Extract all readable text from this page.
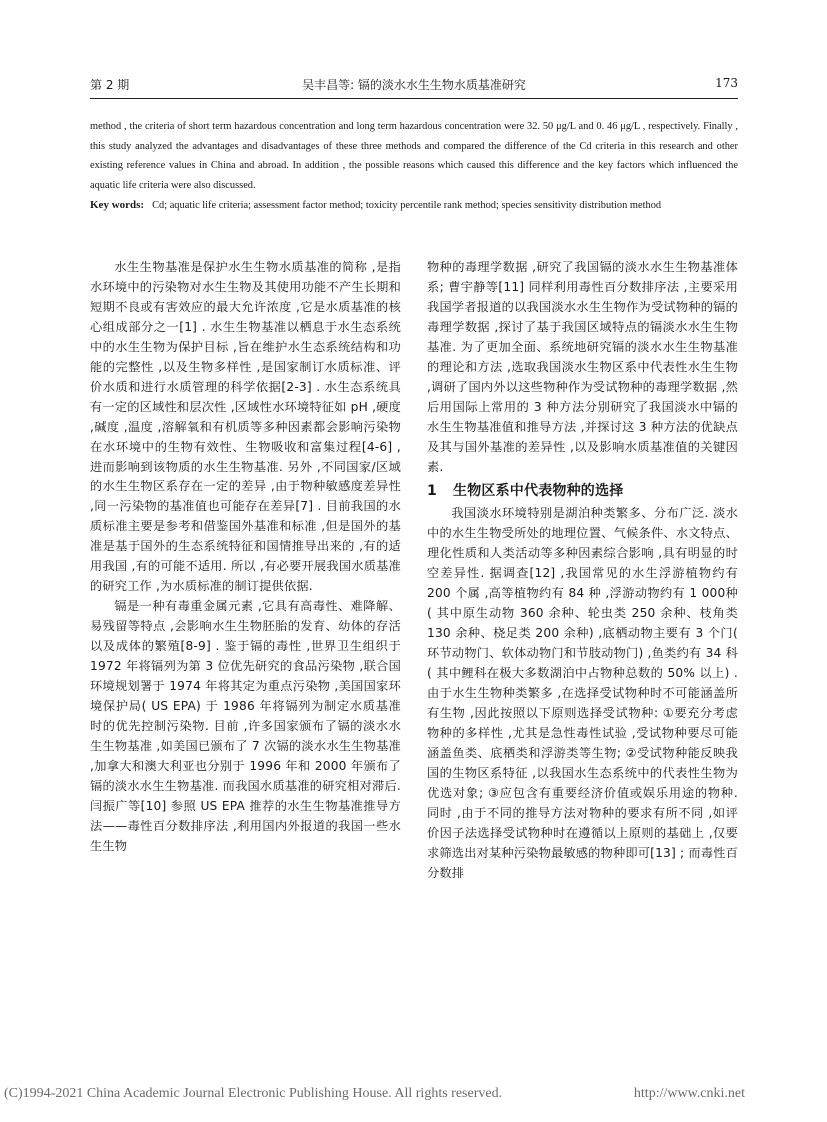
第 2 期	吴丰昌等: 镉的淡水水生生物水质基准研究	173
method , the criteria of short term hazardous concentration and long term hazardous concentration were 32. 50 μg/L and 0. 46 μg/L , respectively. Finally , this study analyzed the advantages and disadvantages of these three methods and compared the difference of the Cd criteria in this research and other existing reference values in China and abroad. In addition , the possible reasons which caused this difference and the key factors which influenced the aquatic life criteria were also discussed.
Key words: Cd; aquatic life criteria; assessment factor method; toxicity percentile rank method; species sensitivity distribution method

水生生物基准是保护水生生物水质基准的简称 ,是指水环境中的污染物对水生生物及其使用功能不产生长期和短期不良或有害效应的最大允许浓度 ,它是水质基准的核心组成部分之一[1] . 水生生物基准以栖息于水生态系统中的水生生物为保护目标 ,旨在维护水生态系统结构和功能的完整性 ,以及生物多样性 ,是国家制订水质标准、评价水质和进行水质管理的科学依据[2-3] . 水生态系统具有一定的区域性和层次性 ,区域性水环境特征如 pH ,硬度 ,碱度 ,温度 ,溶解氧和有机质等多种因素都会影响污染物在水环境中的生物有效性、生物吸收和富集过程[4-6] ,进而影响到该物质的水生生物基准. 另外 ,不同国家/区域的水生生物区系存在一定的差异 ,由于物种敏感度差异性 ,同一污染物的基准值也可能存在差异[7] . 目前我国的水质标准主要是参考和借鉴国外基准和标准 ,但是国外的基准是基于国外的生态系统特征和国情推导出来的 ,有的适用我国 ,有的可能不适用. 所以 ,有必要开展我国水质基准的研究工作 ,为水质标准的制订提供依据.

镉是一种有毒重金属元素 ,它具有高毒性、难降解、易残留等特点 ,会影响水生生物胚胎的发育、幼体的存活以及成体的繁殖[8-9] . 鉴于镉的毒性 ,世界卫生组织于 1972 年将镉列为第 3 位优先研究的食品污染物 ,联合国环境规划署于 1974 年将其定为重点污染物 ,美国国家环境保护局( US EPA) 于 1986 年将镉列为制定水质基准时的优先控制污染物. 目前 ,许多国家颁布了镉的淡水水生生物基准 ,如美国已颁布了 7 次镉的淡水水生生物基准 ,加拿大和澳大利亚也分别于 1996 年和 2000 年颁布了镉的淡水水生生物基准. 而我国水质基准的研究相对滞后. 闫振广等[10] 参照 US EPA 推荐的水生生物基准推导方法——毒性百分数排序法 ,利用国内外报道的我国一些水生生物

物种的毒理学数据 ,研究了我国镉的淡水水生生物基准体系; 曹宇静等[11] 同样利用毒性百分数排序法 ,主要采用我国学者报道的以我国淡水水生生物作为受试物种的镉的毒理学数据 ,探讨了基于我国区域特点的镉淡水水生生物基准. 为了更加全面、系统地研究镉的淡水水生生物基准的理论和方法 ,选取我国淡水生物区系中代表性水生生物 ,调研了国内外以这些物种作为受试物种的毒理学数据 ,然后用国际上常用的 3 种方法分别研究了我国淡水中镉的水生生物基准值和推导方法 ,并探讨这 3 种方法的优缺点及其与国外基准的差异性 ,以及影响水质基准值的关键因素.

1 生物区系中代表物种的选择

我国淡水环境特别是湖泊种类繁多、分布广泛. 淡水中的水生生物受所处的地理位置、气候条件、水文特点、理化性质和人类活动等多种因素综合影响 ,具有明显的时空差异性. 据调查[12] ,我国常见的水生浮游植物约有 200 个属 ,高等植物约有 84 种 ,浮游动物约有 1 000种( 其中原生动物 360 余种、轮虫类 250 余种、枝角类 130 余种、桡足类 200 余种) ,底栖动物主要有 3 个门( 环节动物门、软体动物门和节肢动物门) ,鱼类约有 34 科( 其中鲤科在极大多数湖泊中占物种总数的 50% 以上) . 由于水生生物种类繁多 ,在选择受试物种时不可能涵盖所有生物 ,因此按照以下原则选择受试物种: ①要充分考虑物种的多样性 ,尤其是急性毒性试验 ,受试物种要尽可能涵盖鱼类、底栖类和浮游类等生物; ②受试物种能反映我国的生物区系特征 ,以我国水生态系统中的代表性生物为优选对象; ③应包含有重要经济价值或娱乐用途的物种. 同时 ,由于不同的推导方法对物种的要求有所不同 ,如评价因子法选择受试物种时在遵循以上原则的基础上 ,仅要求筛选出对某种污染物最敏感的物种即可[13] ; 而毒性百分数排

(C)1994-2021 China Academic Journal Electronic Publishing House. All rights reserved.	http://www.cnki.net
